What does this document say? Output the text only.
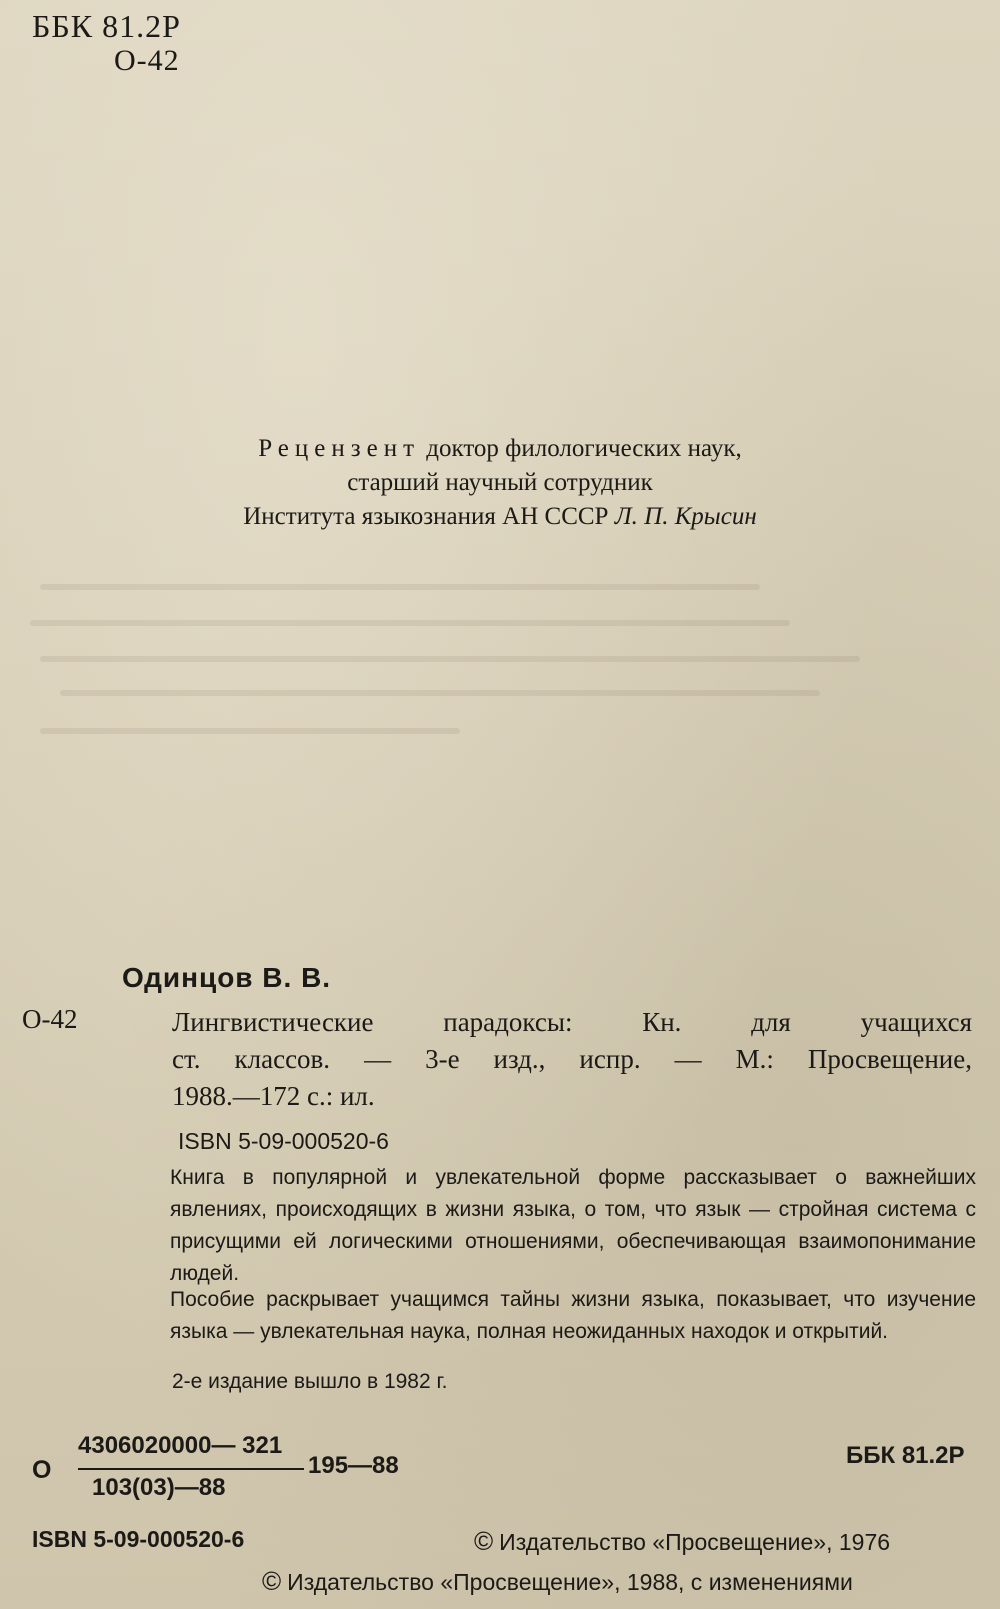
ББК 81.2Р
О-42
Рецензент доктор филологических наук,
старший научный сотрудник
Института языкознания АН СССР Л. П. Крысин
Одинцов В. В.
О-42	Лингвистические парадоксы: Кн. для учащихся
ст. классов. — 3-е изд., испр. — М.: Просвещение,
1988.—172 с.: ил.
ISBN 5-09-000520-6

Книга в популярной и увлекательной форме рассказывает о важнейших явлениях, происходящих в жизни языка, о том, что язык — стройная система с присущими ей логическими отношениями, обеспечивающая взаимопонимание людей.

Пособие раскрывает учащимся тайны жизни языка, показывает, что изучение языка — увлекательная наука, полная неожиданных находок и открытий.

2-е издание вышло в 1982 г.
О
4306020000— 321
103(03)—88
195—88	ББК 81.2Р
ISBN 5-09-000520-6	© Издательство «Просвещение», 1976
© Издательство «Просвещение», 1988, с изменениями
